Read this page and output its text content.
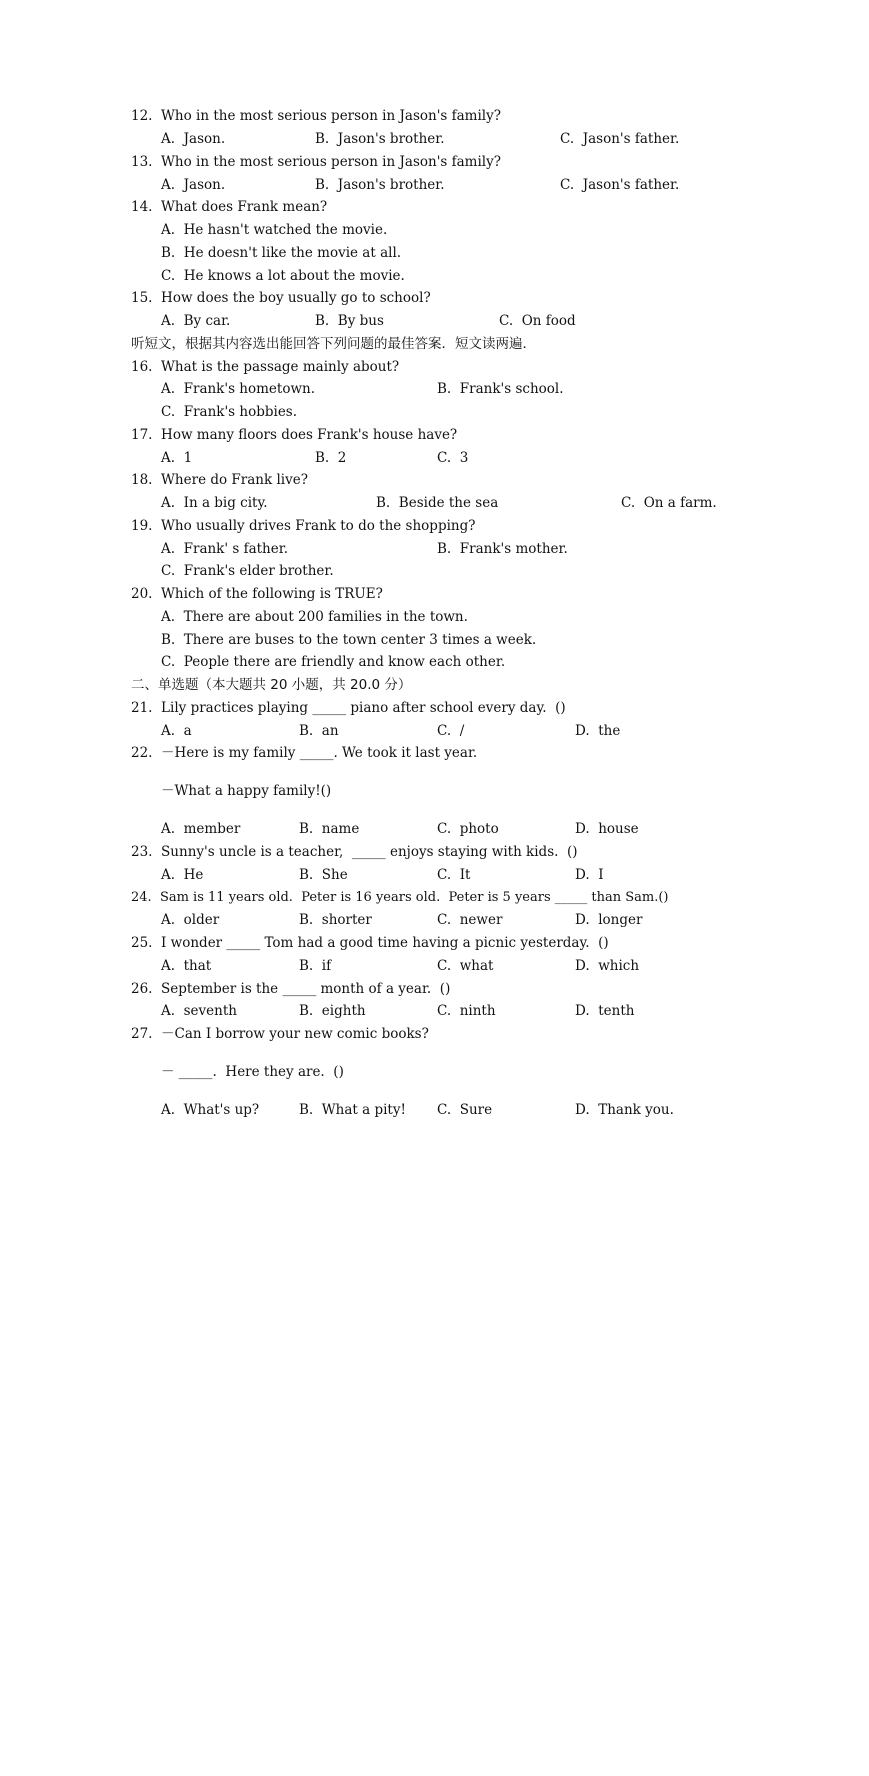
12.  Who in the most serious person in Jason's family?

A.  Jason.

	B.  Jason's brother.

	C.  Jason's father.

13.  Who in the most serious person in Jason's family?

A.  Jason.

	B.  Jason's brother.

	C.  Jason's father.

14.  What does Frank mean?

A.  He hasn't watched the movie.

B.  He doesn't like the movie at all.

C.  He knows a lot about the movie.

15.  How does the boy usually go to school?

A.  By car.

	B.  By bus

	C.  On food

听短文，根据其内容选出能回答下列问题的最佳答案．短文读两遍．

16.  What is the passage mainly about?

A.  Frank's hometown.

	B.  Frank's school.

C.  Frank's hobbies.

17.  How many floors does Frank's house have?

A.  1

	B.  2

	C.  3

18.  Where do Frank live?

A.  In a big city.

	B.  Beside the sea

	C.  On a farm.

19.  Who usually drives Frank to do the shopping?

A.  Frank' s father.

	B.  Frank's mother.

C.  Frank's elder brother.

20.  Which of the following is TRUE?

A.  There are about 200 families in the town.

B.  There are buses to the town center 3 times a week.

C.  People there are friendly and know each other.

二、单选题（本大题共 20 小题，共 20.0 分）

21.  Lily practices playing _____ piano after school every day.  ()

A.  a

	B.  an

	C.  /

	D.  the

22.  －Here is my family _____. We took it last year.

－What a happy family!()

A.  member

	B.  name

	C.  photo

	D.  house

23.  Sunny's uncle is a teacher,  _____ enjoys staying with kids.  ()

A.  He

	B.  She

	C.  It

	D.  I

24.  Sam is 11 years old.  Peter is 16 years old.  Peter is 5 years _____ than Sam.()

A.  older

	B.  shorter

	C.  newer

	D.  longer

25.  I wonder _____ Tom had a good time having a picnic yesterday.  ()

A.  that

	B.  if

	C.  what

	D.  which

26.  September is the _____ month of a year.  ()

A.  seventh

	B.  eighth

	C.  ninth

	D.  tenth

27.  －Can I borrow your new comic books?

－ _____.  Here they are.  ()

A.  What's up?

	B.  What a pity!

C.  Sure

	D.  Thank you.
